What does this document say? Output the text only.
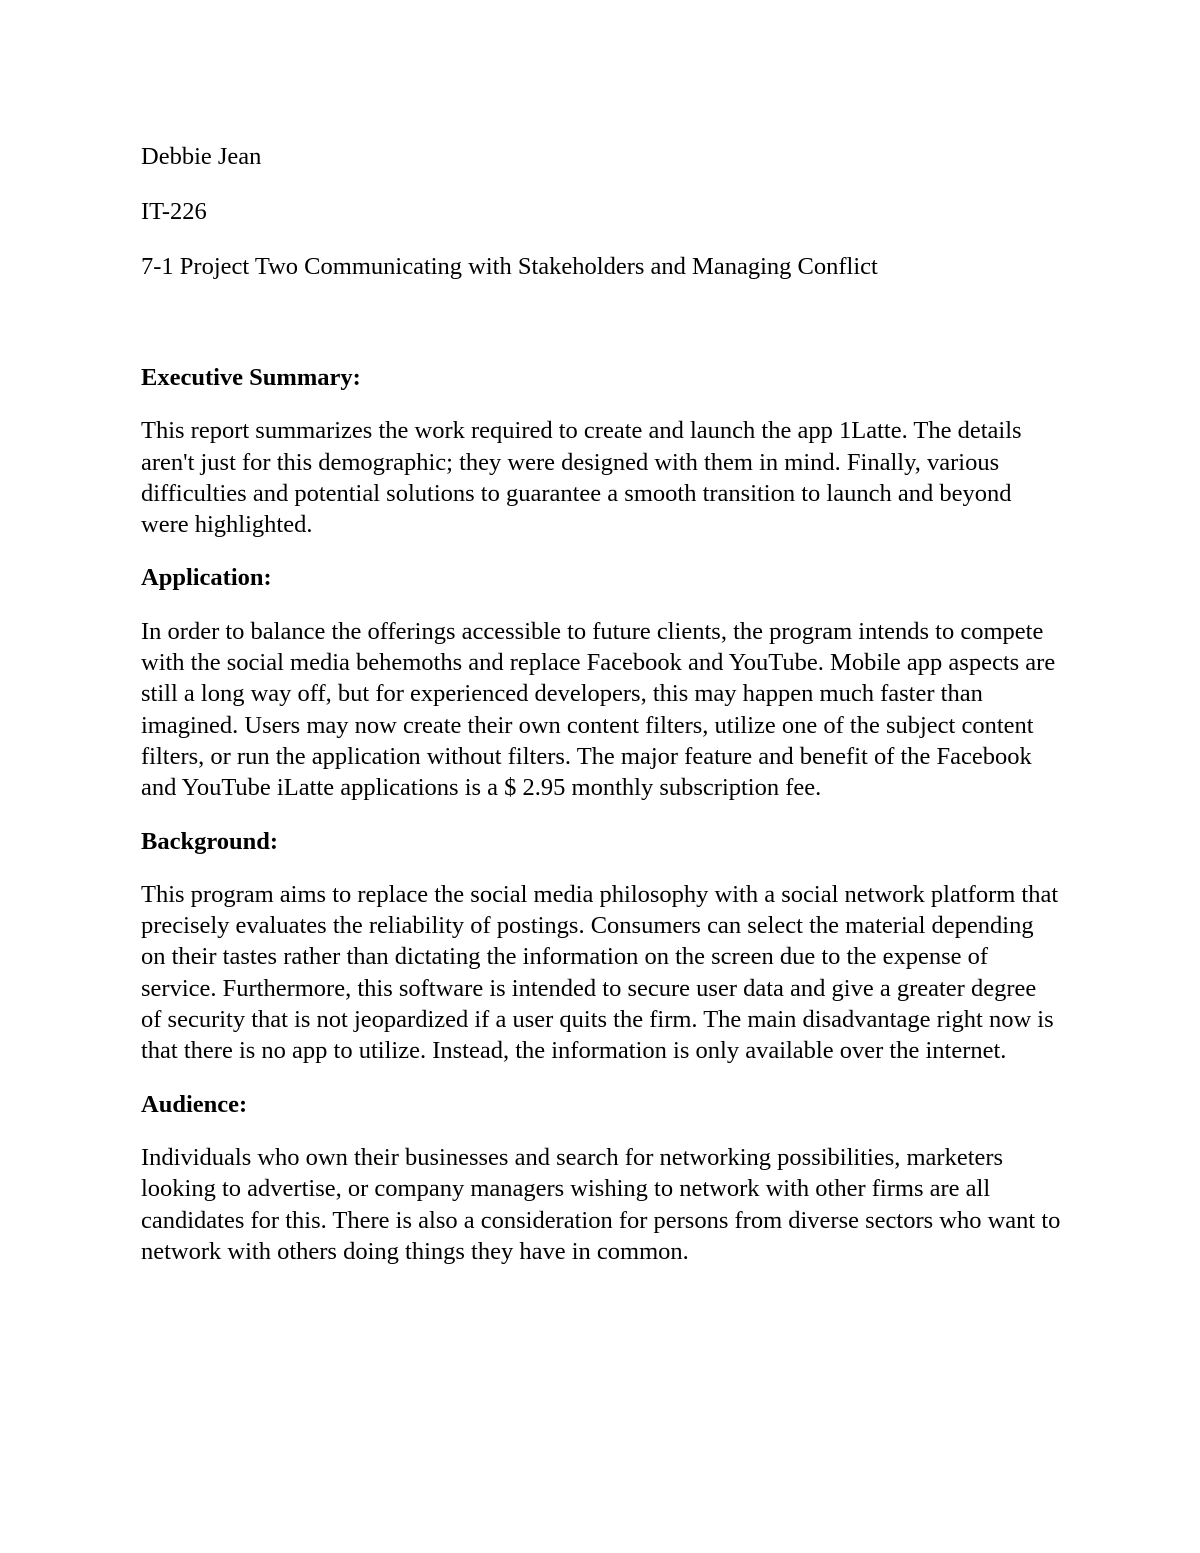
Debbie Jean

IT-226

7-1 Project Two Communicating with Stakeholders and Managing Conflict

Executive Summary:

This report summarizes the work required to create and launch the app 1Latte. The details aren't just for this demographic; they were designed with them in mind. Finally, various difficulties and potential solutions to guarantee a smooth transition to launch and beyond were highlighted.

Application:

In order to balance the offerings accessible to future clients, the program intends to compete with the social media behemoths and replace Facebook and YouTube. Mobile app aspects are still a long way off, but for experienced developers, this may happen much faster than imagined. Users may now create their own content filters, utilize one of the subject content filters, or run the application without filters. The major feature and benefit of the Facebook and YouTube iLatte applications is a $ 2.95 monthly subscription fee.

Background:

This program aims to replace the social media philosophy with a social network platform that precisely evaluates the reliability of postings. Consumers can select the material depending on their tastes rather than dictating the information on the screen due to the expense of service. Furthermore, this software is intended to secure user data and give a greater degree of security that is not jeopardized if a user quits the firm. The main disadvantage right now is that there is no app to utilize. Instead, the information is only available over the internet.

Audience:

Individuals who own their businesses and search for networking possibilities, marketers looking to advertise, or company managers wishing to network with other firms are all candidates for this. There is also a consideration for persons from diverse sectors who want to network with others doing things they have in common.
